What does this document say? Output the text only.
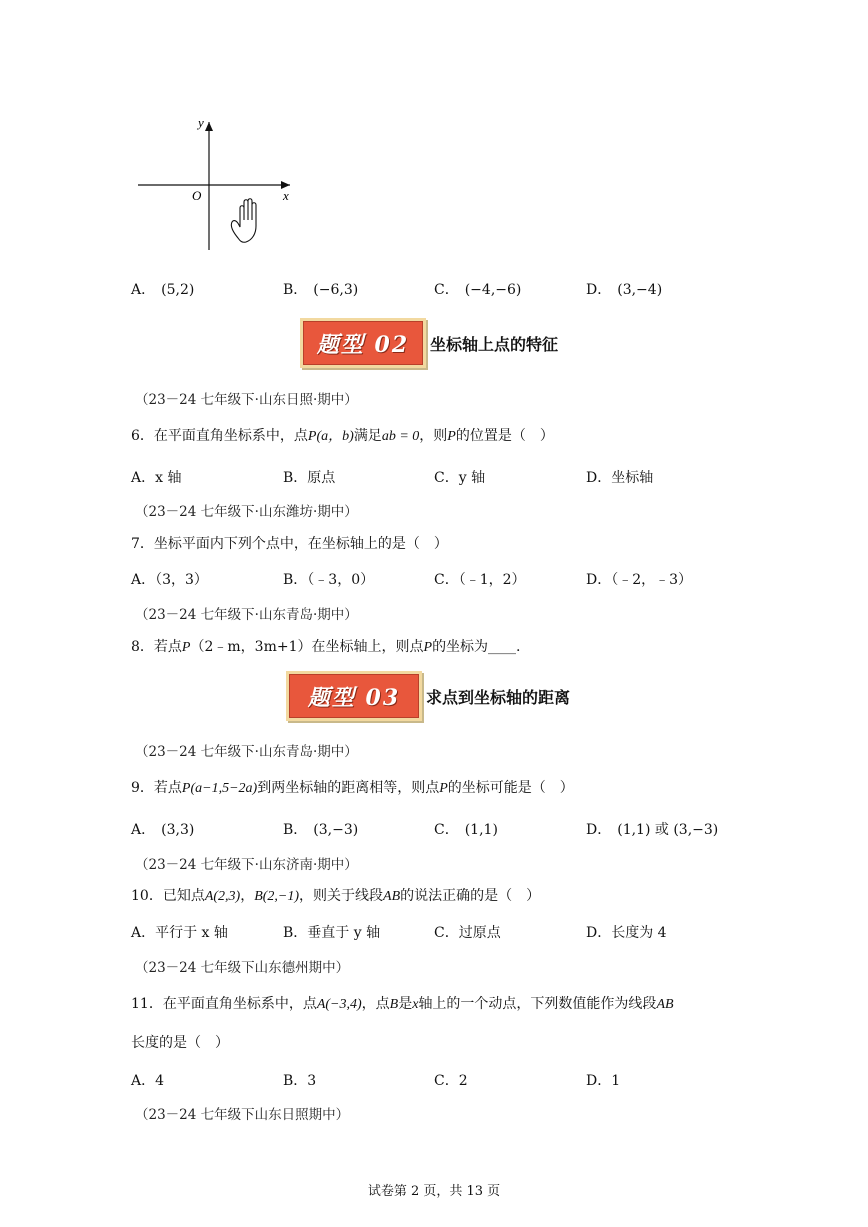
y
O	x
A． (5,2)	B． (−6,3)	C． (−4,−6)	D． (3,−4)
题型 02	坐标轴上点的特征
（23－24 七年级下·山东日照·期中）
6．在平面直角坐标系中，点P(a，b)满足ab = 0，则P的位置是（　）
A．x 轴	B．原点	C．y 轴	D．坐标轴
（23－24 七年级下·山东潍坊·期中）
7．坐标平面内下列个点中，在坐标轴上的是（　）
A．（3，3）	B．（﹣3，0）	C．（﹣1，2）	D．（﹣2，﹣3）
（23－24 七年级下·山东青岛·期中）
8．若点P（2﹣m，3m+1）在坐标轴上，则点P的坐标为____.
题型 03	求点到坐标轴的距离
（23－24 七年级下·山东青岛·期中）
9．若点P(a−1,5−2a)到两坐标轴的距离相等，则点P的坐标可能是（　）
A． (3,3)	B． (3,−3)	C． (1,1)	D． (1,1) 或 (3,−3)
（23－24 七年级下·山东济南·期中）
10．已知点A(2,3)，B(2,−1)，则关于线段AB的说法正确的是（　）
A．平行于 x 轴	B．垂直于 y 轴	C．过原点	D．长度为 4
（23－24 七年级下山东德州期中）
11．在平面直角坐标系中，点A(−3,4)，点B是x轴上的一个动点，下列数值能作为线段AB
长度的是（　）
A．4	B．3	C．2	D．1
（23－24 七年级下山东日照期中）
试卷第 2 页，共 13 页
